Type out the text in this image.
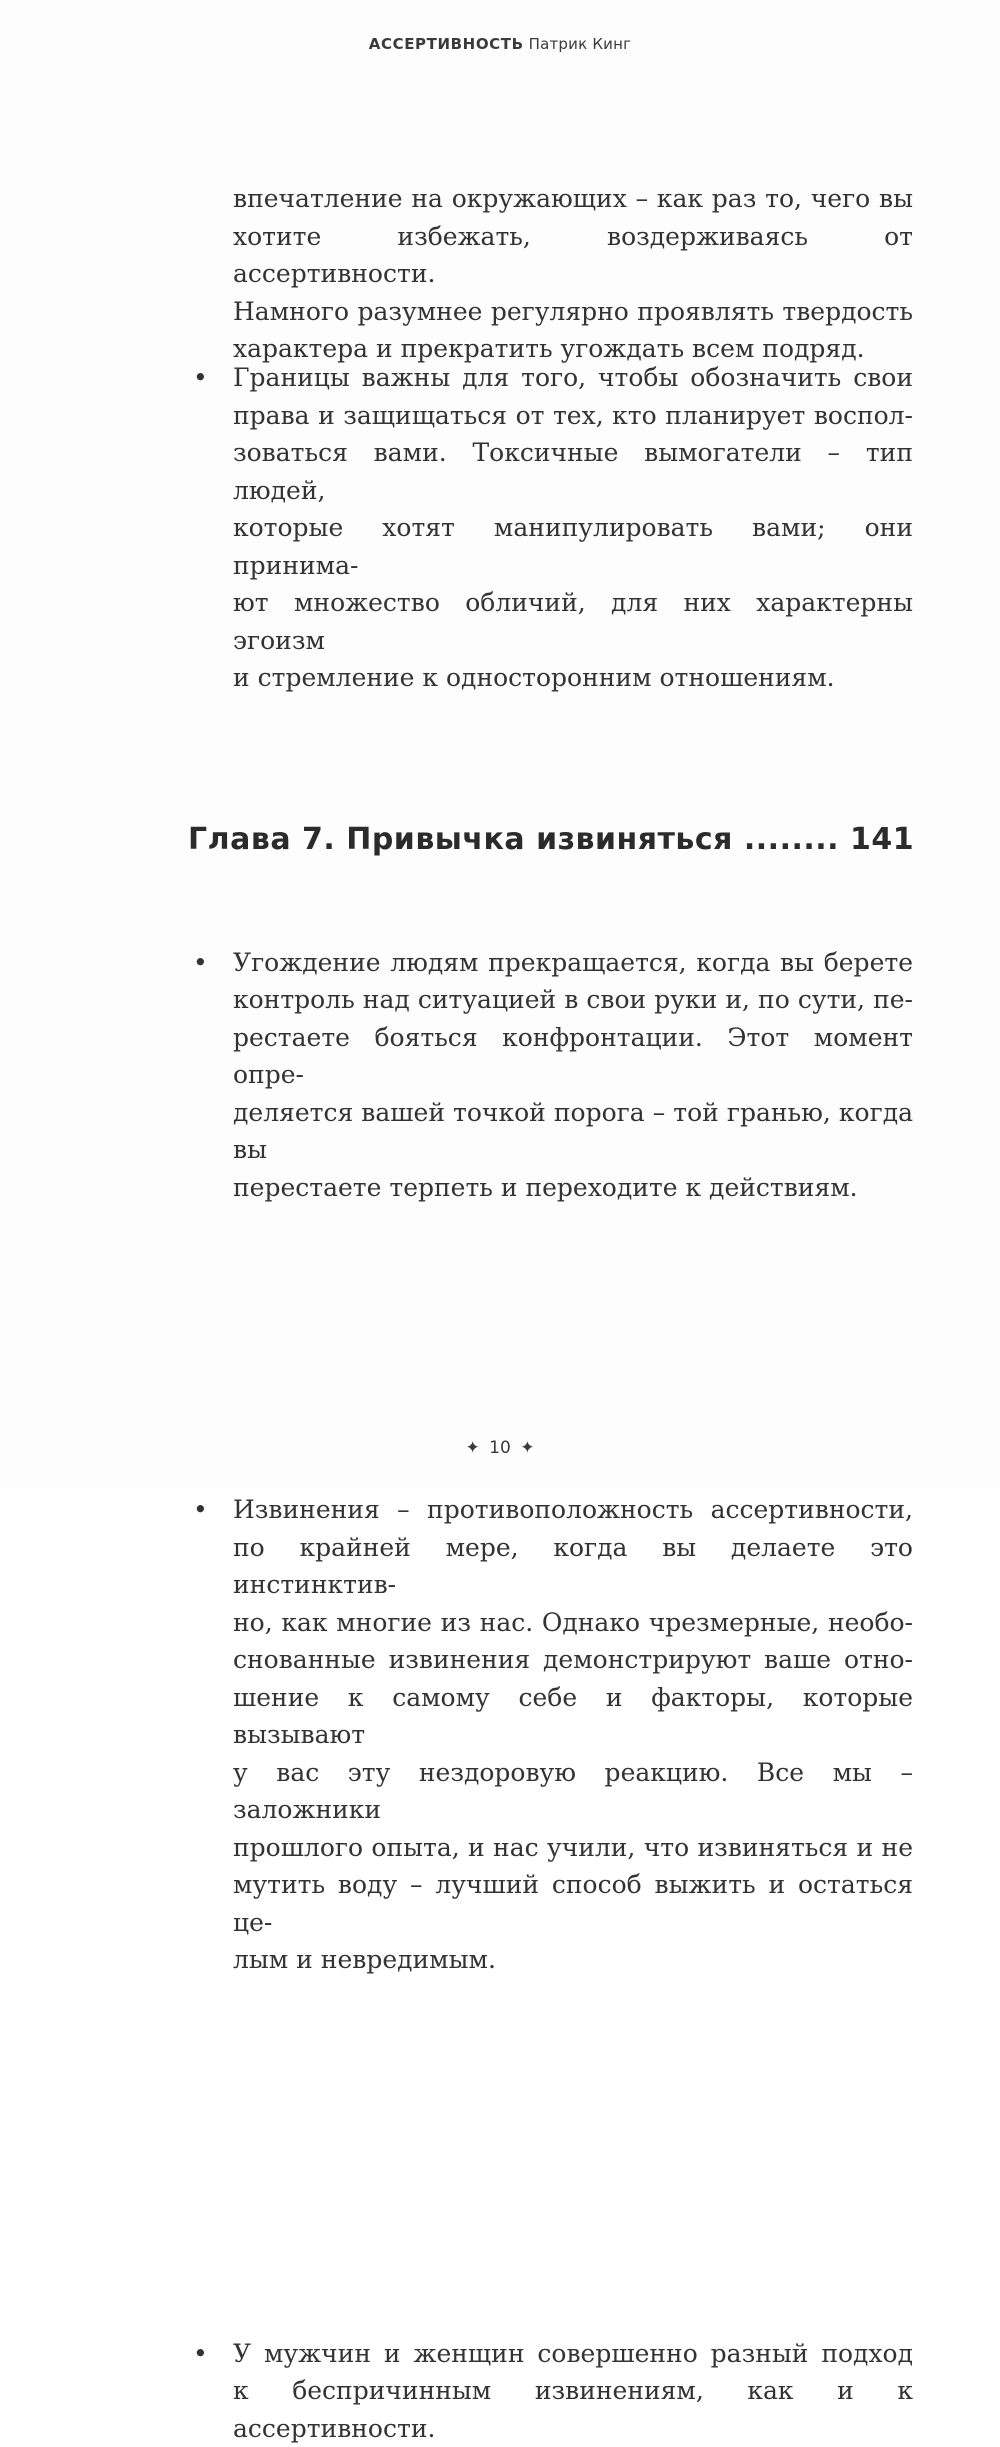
АССЕРТИВНОСТЬ Патрик Кинг

впечатление на окружающих – как раз то, чего вы
хотите избежать, воздерживаясь от ассертивности.
Намного разумнее регулярно проявлять твердость
характера и прекратить угождать всем подряд.

• Границы важны для того, чтобы обозначить свои
права и защищаться от тех, кто планирует воспол-
зоваться вами. Токсичные вымогатели – тип людей,
которые хотят манипулировать вами; они принима-
ют множество обличий, для них характерны эгоизм
и стремление к односторонним отношениям.

• Угождение людям прекращается, когда вы берете
контроль над ситуацией в свои руки и, по сути, пе-
рестаете бояться конфронтации. Этот момент опре-
деляется вашей точкой порога – той гранью, когда вы
перестаете терпеть и переходите к действиям.

Глава 7. Привычка извиняться ........ 141
• Извинения – противоположность ассертивности,
по крайней мере, когда вы делаете это инстинктив-
но, как многие из нас. Однако чрезмерные, необо-
снованные извинения демонстрируют ваше отно-
шение к самому себе и факторы, которые вызывают
у вас эту нездоровую реакцию. Все мы – заложники
прошлого опыта, и нас учили, что извиняться и не
мутить воду – лучший способ выжить и остаться це-
лым и невредимым.

• У мужчин и женщин совершенно разный подход
к беспричинным извинениям, как и к ассертивности.

✦ 10 ✦
